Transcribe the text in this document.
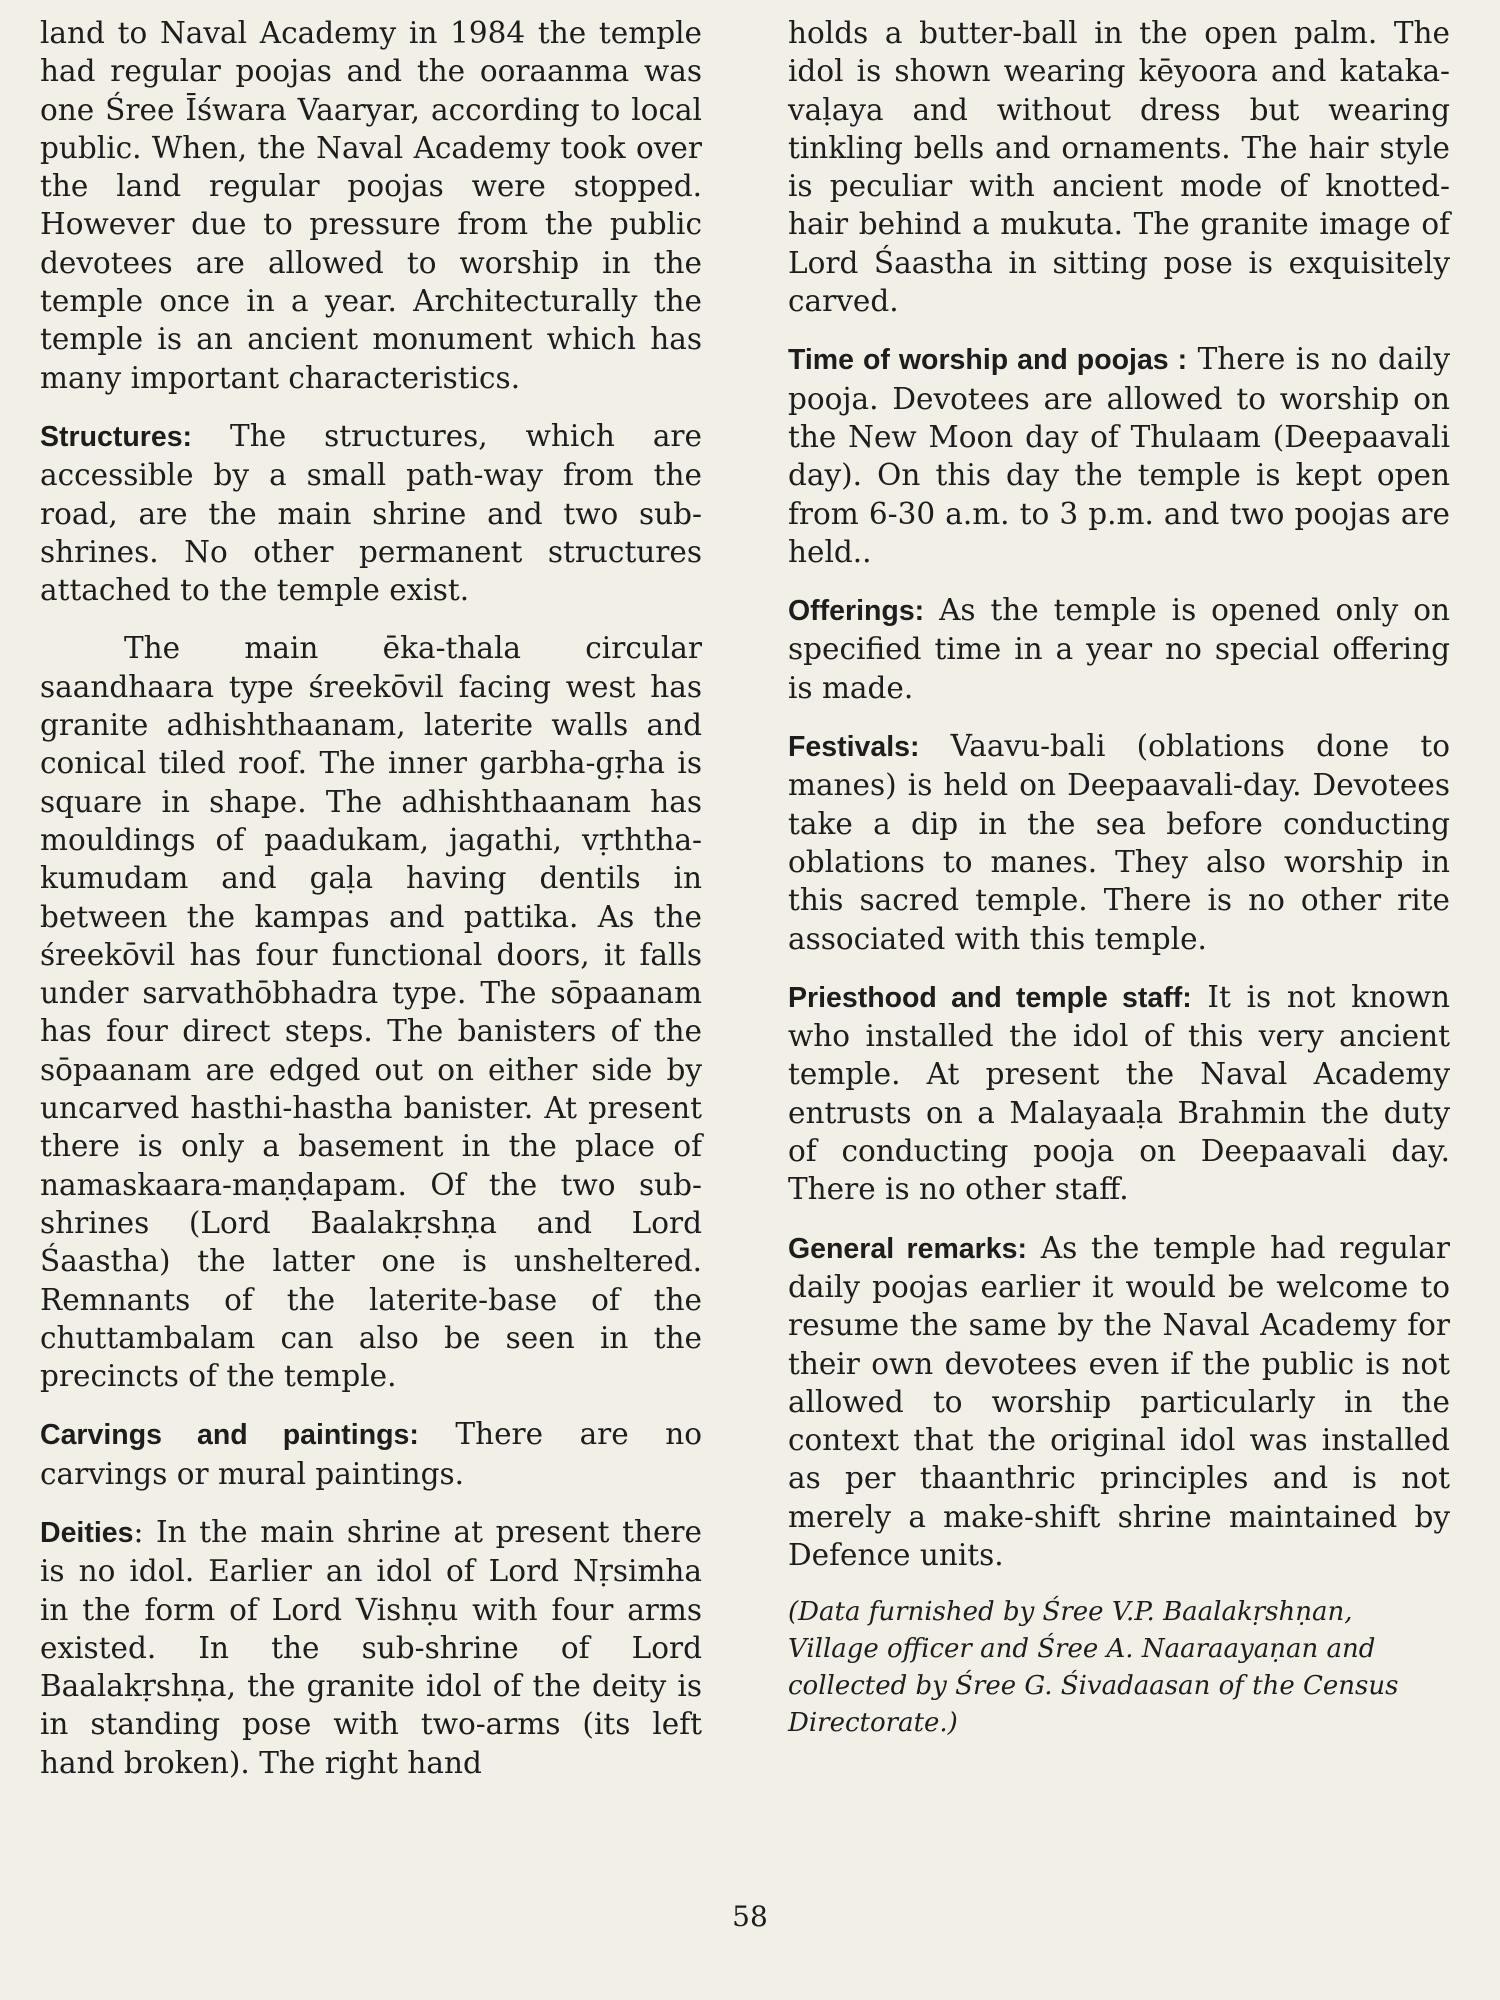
land to Naval Academy in 1984 the temple had regular poojas and the ooraanma was one Śree Īśwara Vaaryar, according to local public. When, the Naval Academy took over the land regular poojas were stopped. However due to pressure from the public devotees are allowed to worship in the temple once in a year. Architecturally the temple is an ancient monument which has many important characteristics.

Structures: The structures, which are accessible by a small path-way from the road, are the main shrine and two sub-shrines. No other permanent structures attached to the temple exist.

The main ēka-thala circular saandhaara type śreekōvil facing west has granite adhishthaanam, laterite walls and conical tiled roof. The inner garbha-gṛha is square in shape. The adhishthaanam has mouldings of paadukam, jagathi, vṛththa-kumudam and gaḷa having dentils in between the kampas and pattika. As the śreekōvil has four functional doors, it falls under sarvathōbhadra type. The sōpaanam has four direct steps. The banisters of the sōpaanam are edged out on either side by uncarved hasthi-hastha banister. At present there is only a basement in the place of namaskaara-maṇḍapam. Of the two sub-shrines (Lord Baalakṛshṇa and Lord Śaastha) the latter one is unsheltered. Remnants of the laterite-base of the chuttambalam can also be seen in the precincts of the temple.

Carvings and paintings: There are no carvings or mural paintings.

Deities: In the main shrine at present there is no idol. Earlier an idol of Lord Nṛsimha in the form of Lord Vishṇu with four arms existed. In the sub-shrine of Lord Baalakṛshṇa, the granite idol of the deity is in standing pose with two-arms (its left hand broken). The right hand

holds a butter-ball in the open palm. The idol is shown wearing kēyoora and kataka-vaḷaya and without dress but wearing tinkling bells and ornaments. The hair style is peculiar with ancient mode of knotted-hair behind a mukuta. The granite image of Lord Śaastha in sitting pose is exquisitely carved.

Time of worship and poojas : There is no daily pooja. Devotees are allowed to worship on the New Moon day of Thulaam (Deepaavali day). On this day the temple is kept open from 6-30 a.m. to 3 p.m. and two poojas are held..

Offerings: As the temple is opened only on specified time in a year no special offering is made.

Festivals: Vaavu-bali (oblations done to manes) is held on Deepaavali-day. Devotees take a dip in the sea before conducting oblations to manes. They also worship in this sacred temple. There is no other rite associated with this temple.

Priesthood and temple staff: It is not known who installed the idol of this very ancient temple. At present the Naval Academy entrusts on a Malayaaḷa Brahmin the duty of conducting pooja on Deepaavali day. There is no other staff.

General remarks: As the temple had regular daily poojas earlier it would be welcome to resume the same by the Naval Academy for their own devotees even if the public is not allowed to worship particularly in the context that the original idol was installed as per thaanthric principles and is not merely a make-shift shrine maintained by Defence units.

(Data furnished by Śree V.P. Baalakṛshṇan, Village officer and Śree A. Naaraayaṇan and collected by Śree G. Śivadaasan of the Census Directorate.)

58
